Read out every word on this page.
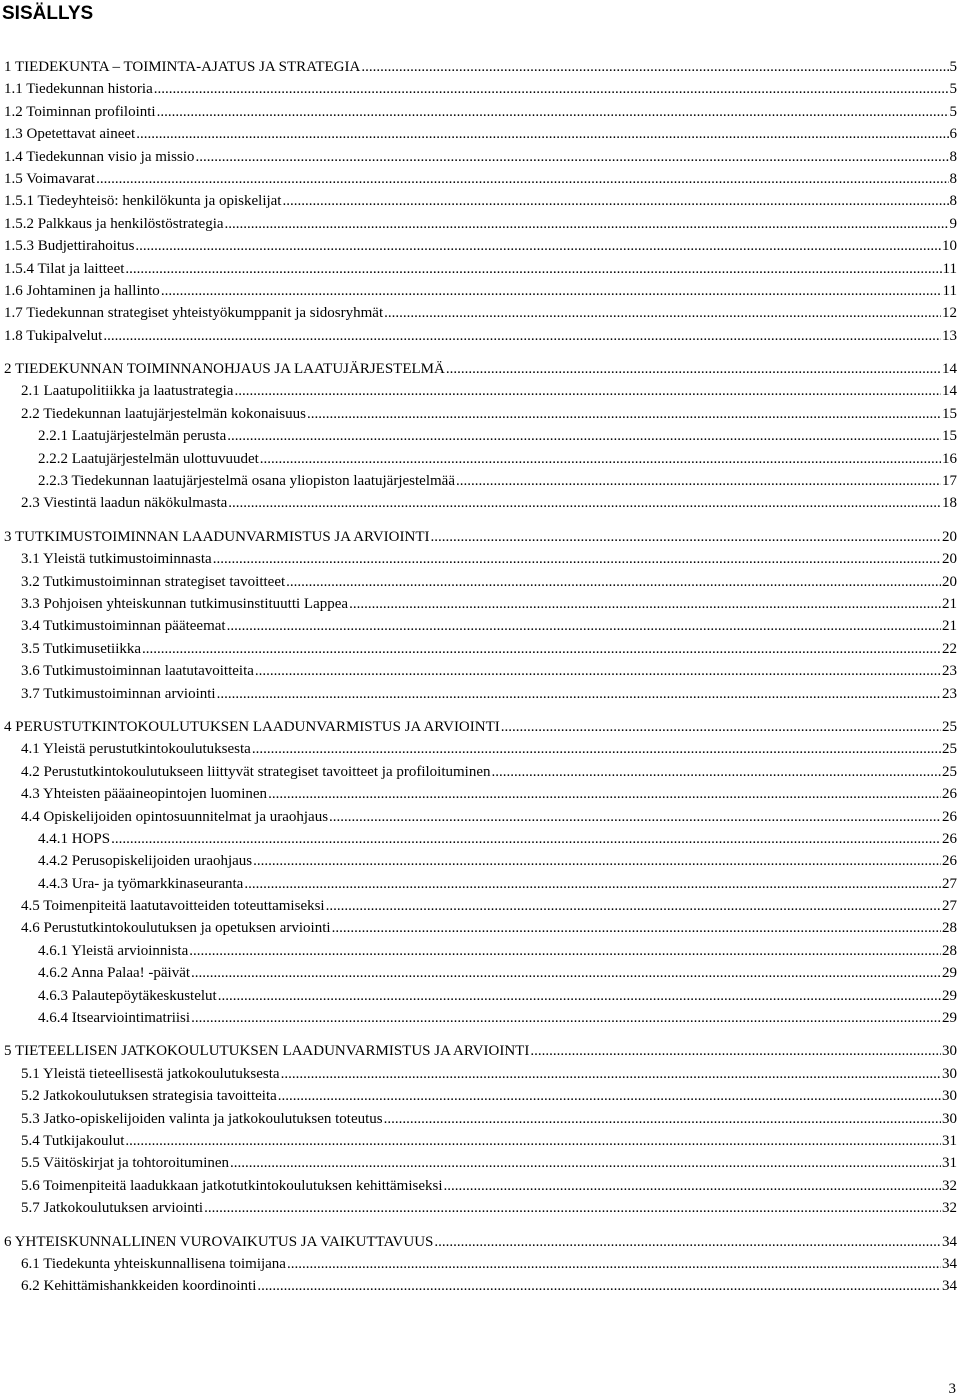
SISÄLLYS
1 TIEDEKUNTA – TOIMINTA-AJATUS JA STRATEGIA .....	5
1.1 Tiedekunnan historia .....	5
1.2 Toiminnan profilointi .....	5
1.3 Opetettavat aineet .....	6
1.4 Tiedekunnan visio ja missio .....	8
1.5 Voimavarat .....	8
1.5.1 Tiedeyhteisö: henkilökunta ja opiskelijat .....	8
1.5.2 Palkkaus ja henkilöstöstrategia .....	9
1.5.3 Budjettirahoitus .....	10
1.5.4 Tilat ja laitteet .....	11
1.6 Johtaminen ja hallinto .....	11
1.7 Tiedekunnan strategiset yhteistyökumppanit ja sidosryhmät .....	12
1.8 Tukipalvelut .....	13
2 TIEDEKUNNAN TOIMINNANOHJAUS JA LAATUJÄRJESTELMÄ .....	14
2.1 Laatupolitiikka ja laatustrategia .....	14
2.2 Tiedekunnan laatujärjestelmän kokonaisuus .....	15
2.2.1 Laatujärjestelmän perusta .....	15
2.2.2 Laatujärjestelmän ulottuvuudet .....	16
2.2.3 Tiedekunnan laatujärjestelmä osana yliopiston laatujärjestelmää .....	17
2.3 Viestintä laadun näkökulmasta .....	18
3 TUTKIMUSTOIMINNAN LAADUNVARMISTUS JA ARVIOINTI .....	20
3.1 Yleistä tutkimustoiminnasta .....	20
3.2 Tutkimustoiminnan strategiset tavoitteet .....	20
3.3 Pohjoisen yhteiskunnan tutkimusinstituutti Lappea .....	21
3.4 Tutkimustoiminnan pääteemat .....	21
3.5 Tutkimusetiikka .....	22
3.6 Tutkimustoiminnan laatutavoitteita .....	23
3.7 Tutkimustoiminnan arviointi .....	23
4 PERUSTUTKINTOKOULUTUKSEN LAADUNVARMISTUS JA ARVIOINTI .....	25
4.1 Yleistä perustutkintokoulutuksesta .....	25
4.2 Perustutkintokoulutukseen liittyvät strategiset tavoitteet ja profiloituminen .....	25
4.3 Yhteisten pääaineopintojen luominen .....	26
4.4 Opiskelijoiden opintosuunnitelmat ja uraohjaus .....	26
4.4.1 HOPS .....	26
4.4.2 Perusopiskelijoiden uraohjaus .....	26
4.4.3 Ura- ja työmarkkinaseuranta .....	27
4.5 Toimenpiteitä laatutavoitteiden toteuttamiseksi .....	27
4.6 Perustutkintokoulutuksen ja opetuksen arviointi .....	28
4.6.1 Yleistä arvioinnista .....	28
4.6.2 Anna Palaa! -päivät .....	29
4.6.3 Palautepöytäkeskustelut .....	29
4.6.4 Itsearviointimatriisi .....	29
5 TIETEELLISEN JATKOKOULUTUKSEN LAADUNVARMISTUS JA ARVIOINTI .....	30
5.1 Yleistä tieteellisestä jatkokoulutuksesta .....	30
5.2 Jatkokoulutuksen strategisia tavoitteita .....	30
5.3 Jatko-opiskelijoiden valinta ja jatkokoulutuksen toteutus .....	30
5.4 Tutkijakoulut .....	31
5.5 Väitöskirjat ja tohtoroituminen .....	31
5.6 Toimenpiteitä laadukkaan jatkotutkintokoulutuksen kehittämiseksi .....	32
5.7 Jatkokoulutuksen arviointi .....	32
6 YHTEISKUNNALLINEN VUROVAIKUTUS JA VAIKUTTAVUUS .....	34
6.1 Tiedekunta yhteiskunnallisena toimijana .....	34
6.2 Kehittämishankkeiden koordinointi .....	34
3
